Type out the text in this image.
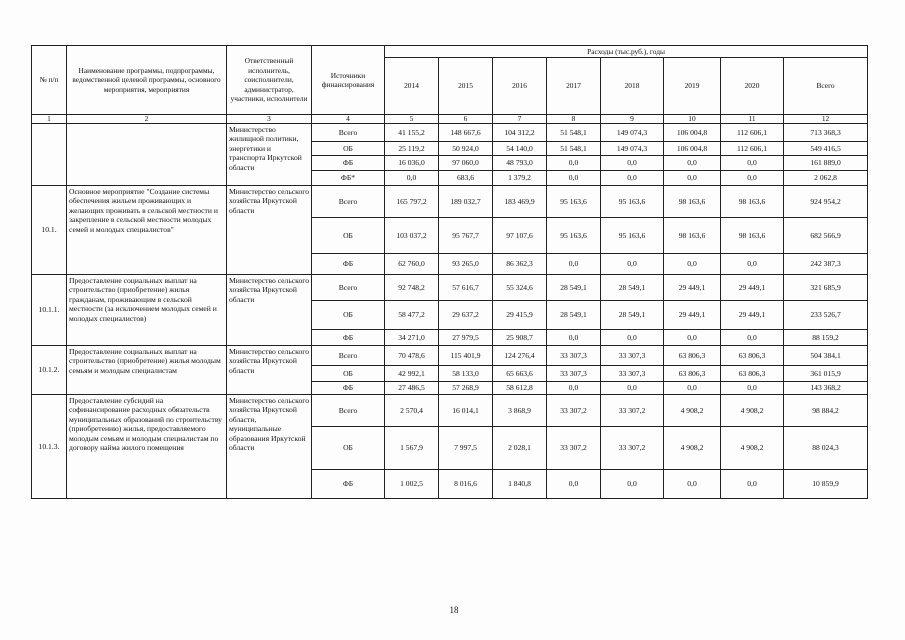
№ п/п	Наименование программы, подпрограммы, ведомственной целевой программы, основного мероприятия, мероприятия	Ответственный исполнитель, соисполнители, администратор, участники, исполнители	Источники финансирования	Расходы (тыс.руб.), годы							
				2014	2015	2016	2017	2018	2019	2020	Всего
1	2	3	4	5	6	7	8	9	10	11	12
		Министерство жилищной политики, энергетики и транспорта Иркутской области	Всего	41 155,2	148 667,6	104 312,2	51 548,1	149 074,3	106 004,8	112 606,1	713 368,3
			ОБ	25 119,2	50 924,0	54 140,0	51 548,1	149 074,3	106 004,8	112 606,1	549 416,5
			ФБ	16 036,0	97 060,0	48 793,0	0,0	0,0	0,0	0,0	161 889,0
			ФБ*	0,0	683,6	1 379,2	0,0	0,0	0,0	0,0	2 062,8
10.1.	Основное мероприятие "Создание системы обеспечения жильем проживающих и желающих проживать в сельской местности и закрепление в сельской местности молодых семей и молодых специалистов"	Министерство сельского хозяйства Иркутской области	Всего	165 797,2	189 032,7	183 469,9	95 163,6	95 163,6	98 163,6	98 163,6	924 954,2
			ОБ	103 037,2	95 767,7	97 107,6	95 163,6	95 163,6	98 163,6	98 163,6	682 566,9
			ФБ	62 760,0	93 265,0	86 362,3	0,0	0,0	0,0	0,0	242 387,3
10.1.1.	Предоставление социальных выплат на строительство (приобретение) жилья гражданам, проживающим в сельской местности (за исключением молодых семей и молодых специалистов)	Министерство сельского хозяйства Иркутской области	Всего	92 748,2	57 616,7	55 324,6	28 549,1	28 549,1	29 449,1	29 449,1	321 685,9
			ОБ	58 477,2	29 637,2	29 415,9	28 549,1	28 549,1	29 449,1	29 449,1	233 526,7
			ФБ	34 271,0	27 979,5	25 908,7	0,0	0,0	0,0	0,0	88 159,2
10.1.2.	Предоставление социальных выплат на строительство (приобретение) жилья молодым семьям и молодым специалистам	Министерство сельского хозяйства Иркутской области	Всего	70 478,6	115 401,9	124 276,4	33 307,3	33 307,3	63 806,3	63 806,3	504 384,1
			ОБ	42 992,1	58 133,0	65 663,6	33 307,3	33 307,3	63 806,3	63 806,3	361 015,9
			ФБ	27 486,5	57 268,9	58 612,8	0,0	0,0	0,0	0,0	143 368,2
10.1.3.	Предоставление субсидий на софинансирование расходных обязательств муниципальных образований по строительству (приобретению) жилья, предоставляемого молодым семьям и молодым специалистам по договору найма жилого помещения	Министерство сельского хозяйства Иркутской области, муниципальные образования Иркутской области	Всего	2 570,4	16 014,1	3 868,9	33 307,2	33 307,2	4 908,2	4 908,2	98 884,2
			ОБ	1 567,9	7 997,5	2 028,1	33 307,2	33 307,2	4 908,2	4 908,2	88 024,3
			ФБ	1 002,5	8 016,6	1 840,8	0,0	0,0	0,0	0,0	10 859,9
18
